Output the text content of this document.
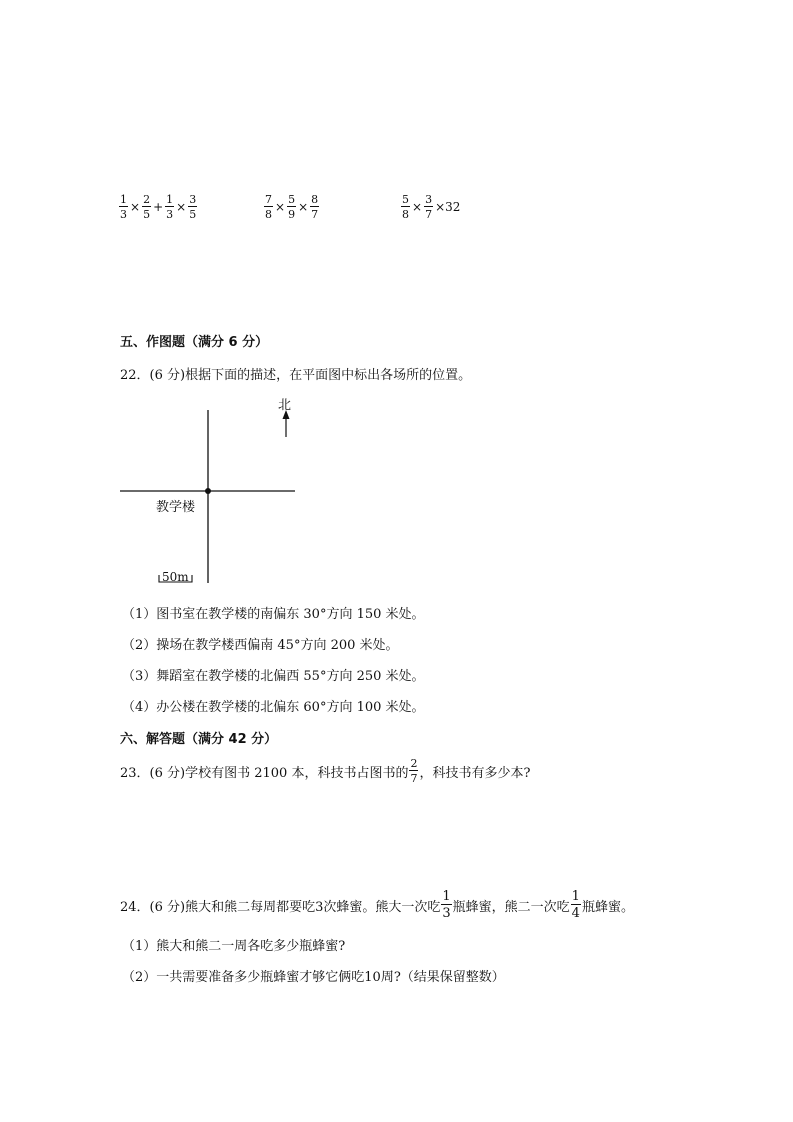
$\frac{1}{3} \times \frac{2}{5} + \frac{1}{3} \times \frac{3}{5}$	$\frac{7}{8} \times \frac{5}{9} \times \frac{8}{7}$	$\frac{5}{8} \times \frac{3}{7} \times 32$
五、作图题（满分 6 分）
22．(6 分)根据下面的描述，在平面图中标出各场所的位置。
北
教学楼
50m
（1）图书室在教学楼的南偏东 30°方向 150 米处。
（2）操场在教学楼西偏南 45°方向 200 米处。
（3）舞蹈室在教学楼的北偏西 55°方向 250 米处。
（4）办公楼在教学楼的北偏东 60°方向 100 米处。
六、解答题（满分 42 分）
23．(6 分)学校有图书 2100 本，科技书占图书的 $\frac{2}{7}$ ，科技书有多少本?
24．(6 分)熊大和熊二每周都要吃3次蜂蜜。熊大一次吃 $\frac{1}{3}$ 瓶蜂蜜，熊二一次吃 $\frac{1}{4}$ 瓶蜂蜜。
（1）熊大和熊二一周各吃多少瓶蜂蜜?
（2）一共需要准备多少瓶蜂蜜才够它俩吃10周?（结果保留整数）
